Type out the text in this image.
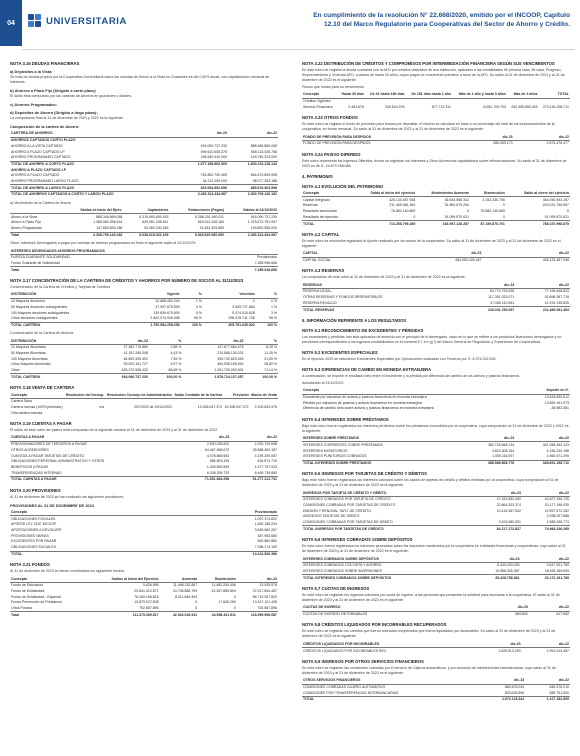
04	UNIVERSITARIA	En cumplimiento de la resolución N° 22.668/2020, emitido por el INCOOP, Capítulo
12.10 del Marco Regulatorio para Cooperativas del Sector de Ahorro y Crédito.
NOTA 3.16 DEUDAS FINANCIERAS
a) Depósitos a la Vista:
Se trata de fondos propios por la Cooperativa Universitaria sobre las cuentas de Ahorro a la Vista en Guaraníes es del 0,50% anual, con capitalización mensual de intereses.
b) Ahorros a Plazo Fijo (Dirigido a corto plazo)
El saldo está compuesto por las carteras de Ahorros en guaraníes y dólares.
c) Ahorros Programados:
d) Depósitos de Ahorro (Dirigido a largo plazo):
La composición final al 31 de diciembre de 2023 y 2022 es la siguiente:
Composición de la cartera de Ahorro:
CARTERA DE AHORROS	dic-23	dic-22
AHORROS CAPTADOS CORTO PLAZO		
AHORRO A LA VISTA CAPTADO	916.090.737.230	888.345.869.058
AHORRO A PLAZO CAPTADO LP	599.610.608.378	565.113.026.758
AHORRO PROGRAMADO CAPTADO	165.640.340.000	149.750.223.000
TOTAL DE AHORRO A CORTO PLAZO	1.677.336.902.909	1.600.213.218.144
AHORRO A PLAZO CAPTADO LP		
AHORRO A PLAZO CAPTADO	781.852.700.465	664.470.809.908
AHORRO PROGRAMADO LARGO PLAZO	34.212.159.000	38.077.353.188
TOTAL DE AHORRO A LARGO PLAZO	815.094.862.656	685.676.903.598
TOTAL DE AHORROS CAPTADOS A CORTO Y LARGO PLAZO	2.492.314.434.967	2.300.709.140.182
a) Movimiento de la Cartera de Ahorro
	Saldos al inicio del Ejerc.	Captaciones	Extracciones (Pagos)	Saldos al 31/12/2023
Ahorro a la Vista	888.345.869.058	5.315.590.659.183	5.288.201.490.011	916.090.737.230
Ahorro a Plazo Fijo	1.368.084.396.616	629.061.238.541	615.312.246.160	1.376.673.751.997
Ahorro Programado	147.853.833.188	93.460.230.445	41.481.329.889	199.852.556.000
Total	2.308.709.140.182	6.038.015.322.199	5.945.615.080.060	2.492.314.434.967
Otros: Intereses Devengados a pagar por cuentas de ahorros programados en fines el siguiente saldo al 31/12/2023:
INTERESES DEVENGADOS AHORROS PROGRAMADOS		
FUERZA GUARANTE SOLIDARIDAD		Provisionado
Fondo Guarante de Solidaridad		7.285.996.666
Total		7.285.916.666
NOTA 3.17 CONCENTRACIÓN DE LA CARTERA DE CRÉDITOS Y AHORROS POR NÚMERO DE SOCIOS AL 31/12/2023
Concentración de la Cartera de Créditos y Tarjetas de Créditos
DISTRIBUCIÓN	Vigente	%	Vencidos	%
10 Mayores deudores	10.668.400.240	1 %	0	0 %
50 Mayores deudores subsiguientes	37.997.675.509	4 %	3.549.737.664	1 %
100 Mayores deudores subsiguientes	139.839.675.609	5 %	5.474.010.628	3 %
Otros deudores subsiguientes	2.602.074.926.998	95 %	296.378.741.736	98 %
TOTAL CARTERA	2.790.584.298.255	100 %	305.751.035.002	100 %
Concentración de la Cartera de Ahorros
DISTRIBUCIÓN	dic-23	%	dic-22	%
10 Mayores Ahorristas	27.382.776.869	2,88 %	147.677.684.675	8,28 %
50 Mayores Ahorristas	41.157.285.348	4,43 %	210.568.130.031	11,25 %
100 Mayores Ahorristas	64.892.339.492	7,06 %	339.732.629.345	21,55 %
Otros Mayores Ahorristas	93.920.161.727	9,97 %	454.098.165.952	28,89 %
Otros	625.270.556.432	66,65 %	1.251.725.092.524	71,14 %
TOTAL CARTERA	916.090.737.230	100,00 %	1.578.724.127.457	100,00 %
NOTA 3.18 VENTA DE CARTERA
Concepto	Resolución del Incoop.	Resolución Consejo de Administración	Saldo Contable de la Cartera	Previsión	Monto de Venta
Cartera Sana					
Cartera morosa (100% previsión)	n/a	297/2023 de 23/11/2023	10.308.047.372	10.308.047.372	2.100.624.975
Otra cartera morosa					
NOTA 3.19 CUENTAS A PAGAR
El saldo de este rubro del pasivo está compuesto de la siguiente manera al 31 de diciembre de 2023 y al 31 de diciembre de 2022
CUENTAS A PAGAR	dic-23	dic-22
PREVISIONADORES DE TERCEROS A PAGAR	2.530.028.602	2.293.729.698
OTROS ACREEDORES	64.467.968.670	35.888.453.157
CUENTAS A PAGAR TARJETAS DE CRÉDITO	4.978.665.583	4.199.259.087
OBLIGACIONES PERSONAL ADMINISTRATIVO Y OTROS	586.803.439	534.874.719
BENEFICIOS A PAGAR	1.349.599.599	1.977.757.923
TRANSFERENCIAS INTERNAS	6.038.255.733	6.469.739.880
TOTAL CUENTAS A PAGAR	71.601.640.296	51.277.212.731
NOTA 3.20 PROVISIONES
Al 31 de diciembre de 2023 se han realizado las siguientes provisiones:
PROVISIONES AL 31 DE DICIEMBRE DE 2023
Concepto		Provisionado
OBLIGACIONES FISCALES		1.097.373.822
APORTE LEY 2157 INCOOP		1.460.155.294
APORTACIONES A DEVOLVER		3.545.962.267
PROVISIONES VARIAS		387.953.650
EXCEDENTES POR PAGAR		652.860.882
OBLIGACIONES SOCIALES		7.298.174.150
TOTAL		14.412.540.366
NOTA 3.21 FONDOS
Al 31 de diciembre de 2023 se tienen constituidos los siguientes fondos:
Concepto	Saldos al inicio del Ejercicio	Aumento	Disminución	dic-23
Fondo de Educación	5.626.996	11.498.132.887	11.482.230.406	13.928.576
Fondo de Solidaridad	20.841.414.671	24.736.885.759	23.257.855.894	22.317.894.487
Fondo de Solidaridad - Especial	78.269.198.816	8.311.849.404	0	86.719.057.820
Fondo Prevención de Préstamos	13.879.672.838	0	17.846.269	13.247.121.426
Otros Fondos	792.667.896	0	0	792.667.896
Total	111.375.359.517	42.542.016.941	34.958.431.511	118.959.906.087
NOTA 3.22 DISTRIBUCIÓN DE CRÉDITOS Y COMPROMISOS POR INTERMEDIACIÓN FINANCIERA SEGÚN SUS VENCIMIENTOS
En este rubro se registra la deuda contraída con la AFD por créditos obtenidos de esa institución, aplicados a las modalidades Mi primera casa, Mi casa, Progreso, Emprendimiento y Vivienda AFD, a plazos de hasta 20 años, cuyos pagos se encuentran previstos a favor de la AFD. Su saldo al 31 de diciembre de 2023 y al 31 de diciembre de 2022 es el siguiente:
Plazos que restan para su vencimiento
Concepto	Hasta 30 días	De 31 hasta 180 días	De 181 días hasta 1 año	Más de 1 año y hasta 3 años	Más de 3 años	TOTAL
Créditos Vigentes						
Servicio Financiero	2.454.676	333.624.376	677.712.311	6.081.709.703	263.395.855.425	273.194.298.711
NOTA 3.23 OTROS FONDOS
En este rubro se registra el fondo de previsión para fondos por depositar; el retorno se calculará en base a un porcentaje del total de los funcionamientos de la cooperativa, en forma mensual. Su saldo al 31 de diciembre de 2023 y al 31 de diciembre de 2022 es el siguiente:
FONDO DE PREVISIÓN PARA DESPIDOS	dic-23	dic-22
FONDO DE PREVISIÓN PARA DESPIDOS	285.059.173	2.873.476.477
NOTA 3.24 PASIVO DIFERIDO
Este rubro representa los Ingresos Diferidos, donde se registran los Intereses y Otros Accesorios capitalizados sobre refinanciaciones. Su saldo al 31 de diciembre de 2023 es de G. 24.879.768.085.
4. PATRIMONIO
NOTA 4.1 EVOLUCIÓN DEL PATRIMONIO
Concepto	Saldo al inicio del ejercicio	Movimientos Aumento	Disminución	Saldo al cierre del ejercicio
Capital Integrado	426.133.487.948	36.544.568.342	3.152.330.706	454.050.593.167
Reservas	211.469.081.363	31.962.679.294	0	243.031.760.657
Resultado acumulado	76.682.140.669	0	76.682.140.669	0
Resultado del ejercicio	0	91.099.870.621	0	91.099.870.621
TOTAL	713.258.799.289	163.957.128.287	87.159.870.701	788.157.998.875
NOTA 4.2 CAPITAL
En este rubro se encuentra registrado el Aporte realizado por los socios de la cooperativa. Su saldo al 31 de diciembre de 2023 y al 31 de diciembre de 2022 es el siguiente:
CAPITAL	dic-23	dic-22
CAPITAL SOCIAL	454.050.326.167	426.133.487.948
NOTA 4.3 RESERVAS
La composición de este rubro al 31 de diciembre de 2023 y al 31 de diciembre de 2022 es la siguiente:
RESERVAS	dic-23	dic-22
RESERVA LEGAL	84.774.793.026	77.196.548.823
OTRAS RESERVAS Y FONDOS IRREPARTIBLES	117.351.023.071	92.696.397.715
RESERVA REVALÚO	47.066.110.961	41.576.135.825
TOTAL RESERVAS	243.031.760.057	211.469.081.363
5. INFORMACIÓN REFERENTE A LOS RESULTADOS
NOTA 5.1 RECONOCIMIENTO DE EXCEDENTES Y PÉRDIDAS
Los excedentes y pérdidas han sido aplicados de acuerdo con el principio de lo devengado, salvo en lo que se refiere a los productos financieros devengados y no percibidos correspondientes a los ingresos contabilizados en el numeral 5.7 a ir g) l) del Marco General de Regulación y Supervisión de Cooperativas.
NOTA 5.2 EXCEDENTES ESPECIALES
En el ejercicio 2023 se obtuvieron Excedentes Especiales por Operaciones realizadas con Terceros por G. 8.374.332.533.
NOTA 5.3 DIFERENCIAS DE CAMBIO EN MONEDA EXTRANJERA
A continuación, se expone el resultado neto entre el excedente y la pérdida por diferencia de cambio de los activos y pasivos financieros.
Actualizado al 31/12/2023
Concepto		Importe en G.
Excedente por valuación de activos y pasivos financieros en moneda extranjera		13.533.890.612
Pérdida por valuación de pasivos y activos financieros en moneda extranjera		13.582.491.973
Diferencia de cambio neto sobre activos y pasivos financieros en moneda extranjera		-38.983.361
NOTA 5.4 INTERESES SOBRE PRÉSTAMOS
Bajo este rubro fueron registrados los intereses percibidos sobre los préstamos concedidos por la cooperativa, cuya composición al 31 de diciembre de 2023 y 2022 es la siguiente:
INTERESES SOBRE PRÉSTAMOS	dic-23	dic-22
INTERESES CORRIENTES COBRE PRÉSTAMOS	382.718.068.134	341.958.492.123
INTERESES MORATORIOS	4.823.308.154	4.155.240.198
INTERESES PUNITORIOS COBRADOS	1.059.116.097	1.560.671.290
TOTAL INTERESES SOBRE PRÉSTAMOS	388.568.806.778	348.891.198.710
NOTA 5.5 INGRESOS POR TARJETAS DE CRÉDITO Y DÉBITOS
Bajo este rubro fueron registrados los intereses cobrados sobre los saldos de tarjetas de crédito y débitos emitidas por la cooperativa, cuya composición al 31 de diciembre de 2023 y al 31 de diciembre de 2022 es la siguiente:
INGRESOS POR TARJETA DE CRÉDITO Y DÉBITO	dic-23	dic-22
INTERESES COBRADOS POR TARJETA DE CRÉDITO	47.324.553.280	40.627.296.725
COMISIONES COBRADAS POR TARJETAS DE CRÉDITO	22.664.203.374	20.177.196.035
EMISIÓN Y RENOVAL TARJ. DE CRÉDITO	13.415.387.542	12.597.672.262
INGRESOS TARJETAS DE DÉBITO		2.938.097.688
COMISIONES COBRADAS POR TARJETAS DE DÉBITO	3.103.080.531	1.585.098.773
TOTAL INGRESOS POR TARJETAS DE CRÉDITO	84.217.172.827	74.964.236.265
NOTA 5.6 INTERESES COBRADOS SOBRE DEPÓSITOS
En este rubro fueron registrados los intereses generados sobre las depósitos mantenidos por la cooperativa en entidades financieras y cooperativas, cuyo saldo al 31 de diciembre de 2023 y al 31 de diciembre de 2022 es el siguiente:
INTERESES COBRADOS SOBRE DEPÓSITOS	dic-23	dic-22
INTERESES COBRADOS CTA.VISTA Y AHORRO	5.440.433.230	3.647.001.769
INTERESES COBRADOS SOBRE INVERSIONES	19.888.325.387	18.525.189.609
TOTAL INTERESES COBRADOS SOBRE DEPÓSITOS	25.328.758.361	22.172.191.769
NOTA 5.7 CUOTAS DE INGRESOS
En este rubro se registran los ingresos cobrados por cuota de ingreso, a las personas que presentan la solicitud para asociarse a la cooperativa. El saldo al 31 de diciembre de 2023 y al 31 de diciembre de 2022 es el siguiente:
CUOTAS DE INGRESO	dic-23	dic-22
CUOTAS DE INGRESO RETORNABLES	589.892	617.652
NOTA 5.8 CRÉDITOS LIQUIDADOS POR INCOBRABLES RECUPERADOS
En este rubro se registran los créditos que fueron cobrados recuperados que fueron liquidados por incobrables. Su saldo al 31 de diciembre de 2023 y al 31 de diciembre de 2022 es el siguiente:
CRÉDITOS LIQUIDADOS POR INCOBRABLES	dic-23	dic-22
CRÉDITOS LIQUIDADOS POR INCOBRABLES REC.	1.525.513.293	1.991.913.457
NOTA 5.9 INGRESOS POR OTROS SERVICIOS FINANCIEROS
En este rubro se registran las comisiones cobradas por el servicio de Cajeros Automáticos, y por servicios de transferencias interbancarias, cuyo saldo al 31 de diciembre de 2023 y al 31 de diciembre de 2022 es el siguiente:
OTROS SERVICIOS FINANCIEROS	dic-23	dic-22
COMISIONES COBRADAS CAJERO AUTOMÁTICO	869.493.044	645.376.010
COMISIONES POR TRANSFERENCIAS INTERBANCARIAS	803.625.500	589.751.500
TOTAL	1.672.118.344	1.227.182.809
